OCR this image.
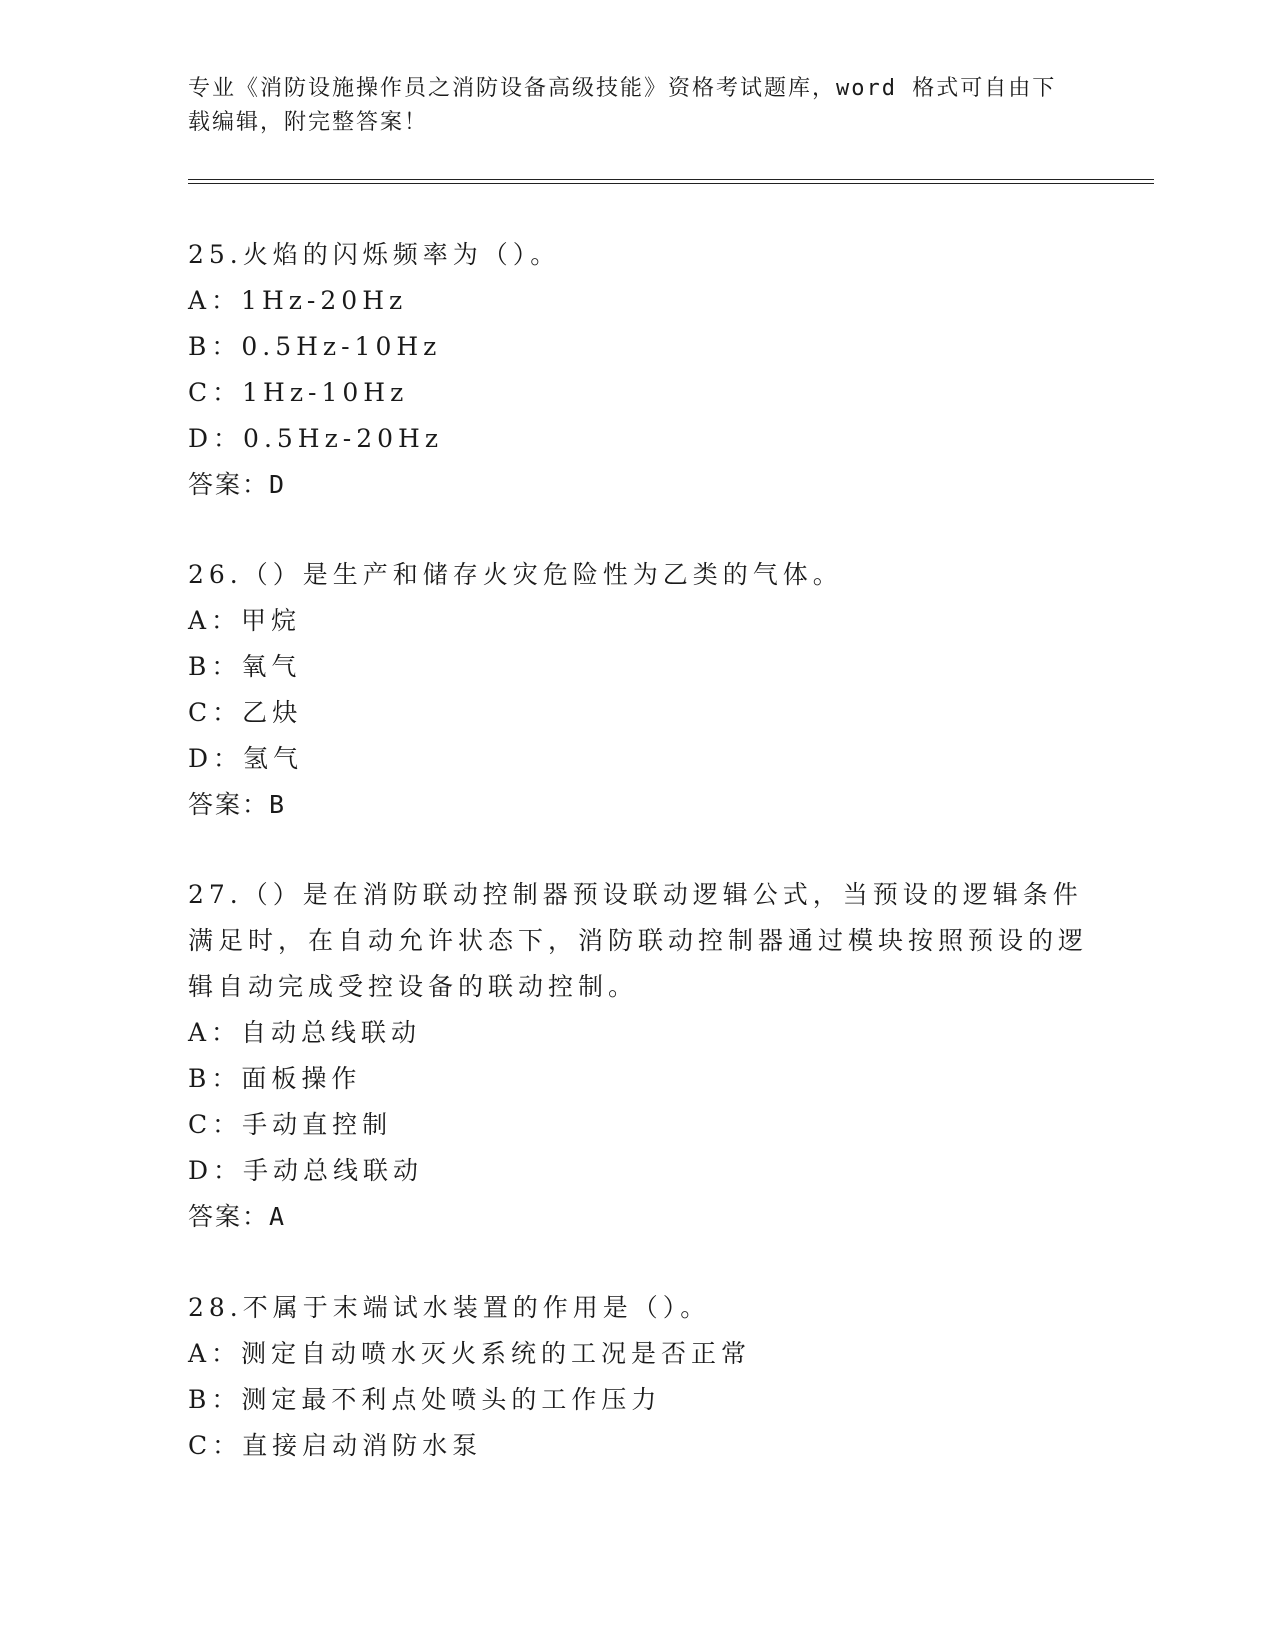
专业《消防设施操作员之消防设备高级技能》资格考试题库，word 格式可自由下载编辑，附完整答案！

25.火焰的闪烁频率为（）。

A：1Hz-20Hz

B：0.5Hz-10Hz

C：1Hz-10Hz

D：0.5Hz-20Hz

答案：D

26.（）是生产和储存火灾危险性为乙类的气体。

A：甲烷

B：氧气

C：乙炔

D：氢气

答案：B

27.（）是在消防联动控制器预设联动逻辑公式，当预设的逻辑条件满足时，在自动允许状态下，消防联动控制器通过模块按照预设的逻辑自动完成受控设备的联动控制。

A：自动总线联动

B：面板操作

C：手动直控制

D：手动总线联动

答案：A

28.不属于末端试水装置的作用是（）。

A：测定自动喷水灭火系统的工况是否正常

B：测定最不利点处喷头的工作压力

C：直接启动消防水泵
